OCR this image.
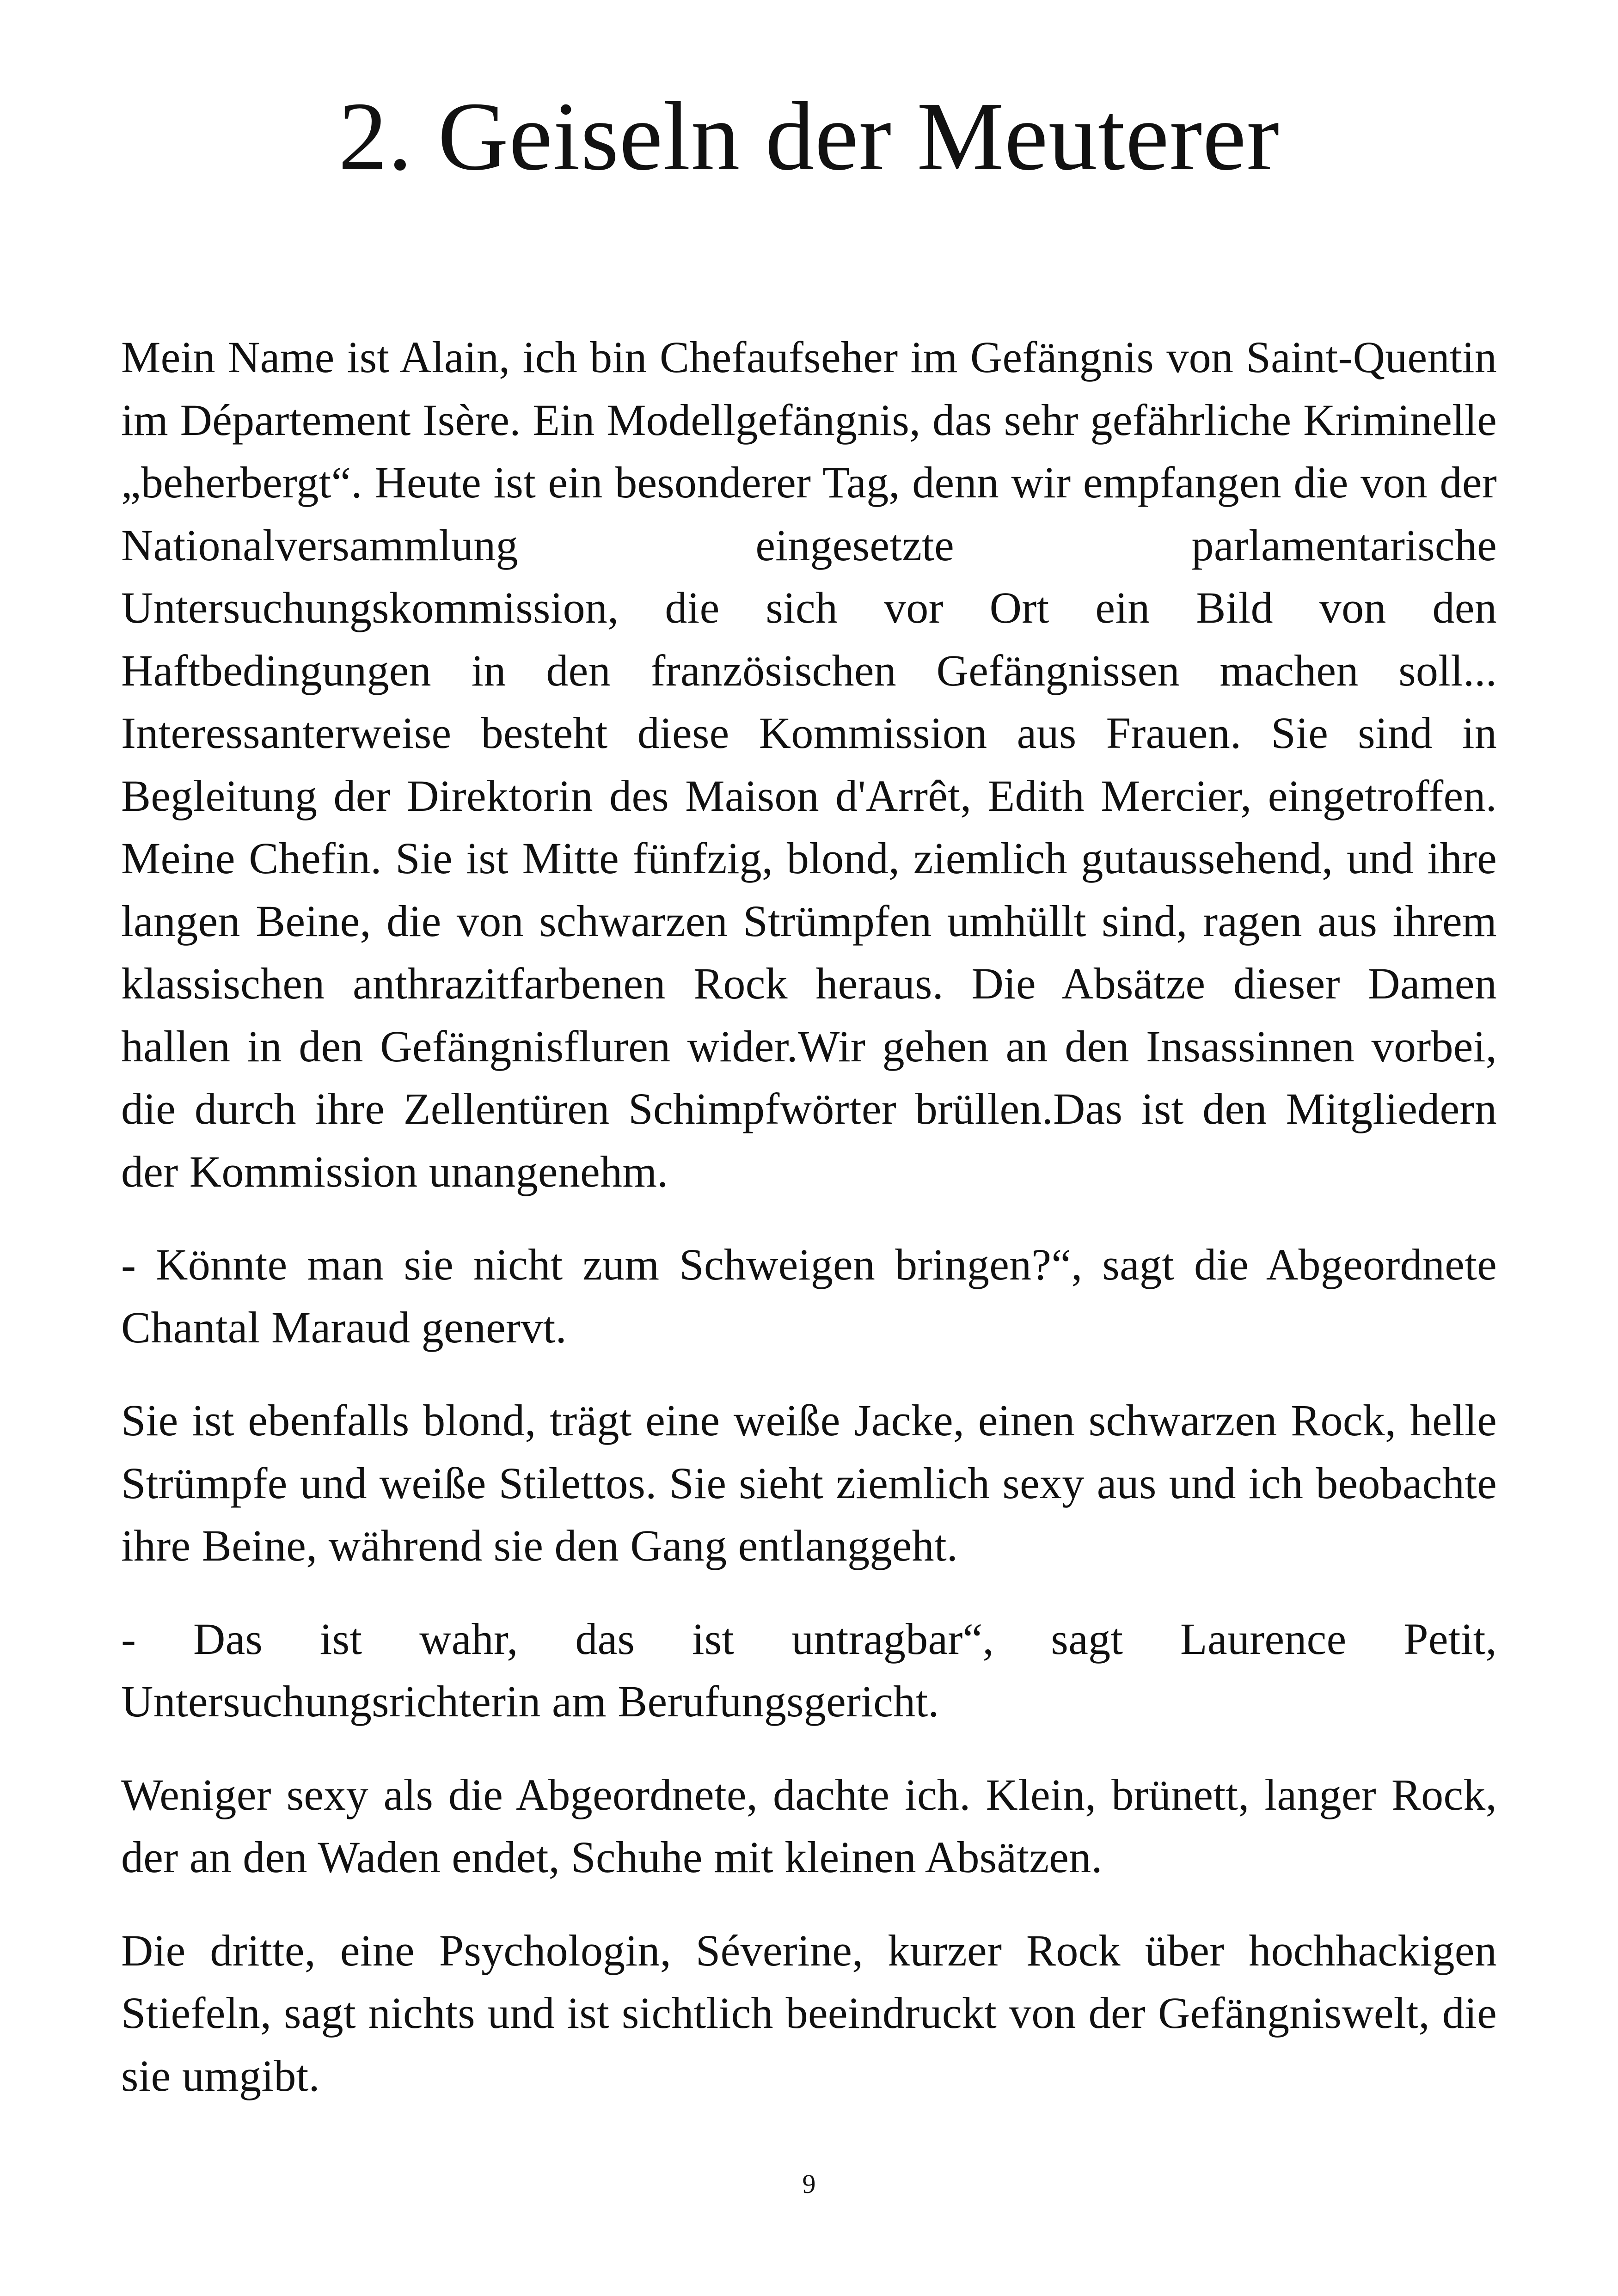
2. Geiseln der Meuterer

Mein Name ist Alain, ich bin Chefaufseher im Gefängnis von Saint-Quentin im Département Isère. Ein Modellgefängnis, das sehr gefährliche Kriminelle „beherbergt“. Heute ist ein besonderer Tag, denn wir empfangen die von der Nationalversammlung eingesetzte parlamentarische Untersuchungskommission, die sich vor Ort ein Bild von den Haftbedingungen in den französischen Gefängnissen machen soll... Interessanterweise besteht diese Kommission aus Frauen. Sie sind in Begleitung der Direktorin des Maison d'Arrêt, Edith Mercier, eingetroffen. Meine Chefin. Sie ist Mitte fünfzig, blond, ziemlich gutaussehend, und ihre langen Beine, die von schwarzen Strümpfen umhüllt sind, ragen aus ihrem klassischen anthrazitfarbenen Rock heraus. Die Absätze dieser Damen hallen in den Gefängnisfluren wider.Wir gehen an den Insassinnen vorbei, die durch ihre Zellentüren Schimpfwörter brüllen.Das ist den Mitgliedern der Kommission unangenehm.

- Könnte man sie nicht zum Schweigen bringen?“, sagt die Abgeordnete Chantal Maraud genervt.

Sie ist ebenfalls blond, trägt eine weiße Jacke, einen schwarzen Rock, helle Strümpfe und weiße Stilettos. Sie sieht ziemlich sexy aus und ich beobachte ihre Beine, während sie den Gang entlanggeht.

- Das ist wahr, das ist untragbar“, sagt Laurence Petit, Untersuchungsrichterin am Berufungsgericht.

Weniger sexy als die Abgeordnete, dachte ich. Klein, brünett, langer Rock, der an den Waden endet, Schuhe mit kleinen Absätzen.

Die dritte, eine Psychologin, Séverine, kurzer Rock über hochhackigen Stiefeln, sagt nichts und ist sichtlich beeindruckt von der Gefängniswelt, die sie umgibt.

9
